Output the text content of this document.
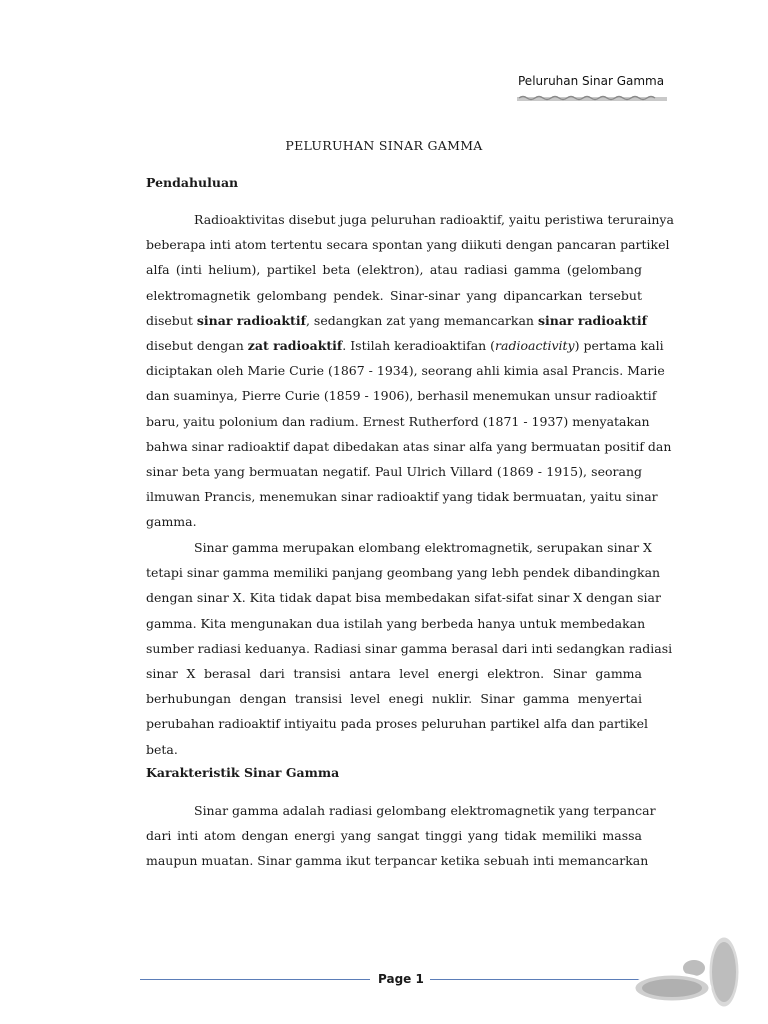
Peluruhan Sinar Gamma
PELURUHAN SINAR GAMMA
Pendahuluan
Radioaktivitas disebut juga peluruhan radioaktif, yaitu peristiwa terurainya
beberapa inti atom tertentu secara spontan yang diikuti dengan pancaran partikel
alfa (inti helium), partikel beta (elektron), atau radiasi gamma (gelombang
elektromagnetik gelombang pendek. Sinar-sinar yang dipancarkan tersebut
disebut sinar radioaktif, sedangkan zat yang memancarkan sinar radioaktif
disebut dengan zat radioaktif. Istilah keradioaktifan (radioactivity) pertama kali
diciptakan oleh Marie Curie (1867 - 1934), seorang ahli kimia asal Prancis. Marie
dan suaminya, Pierre Curie (1859 - 1906), berhasil menemukan unsur radioaktif
baru, yaitu polonium dan radium. Ernest Rutherford (1871 - 1937) menyatakan
bahwa sinar radioaktif dapat dibedakan atas sinar alfa yang bermuatan positif dan
sinar beta yang bermuatan negatif. Paul Ulrich Villard (1869 - 1915), seorang
ilmuwan Prancis, menemukan sinar radioaktif yang tidak bermuatan, yaitu sinar
gamma.
Sinar gamma merupakan elombang elektromagnetik, serupakan sinar X
tetapi sinar gamma memiliki panjang geombang yang lebh pendek dibandingkan
dengan sinar X. Kita tidak dapat bisa membedakan sifat-sifat sinar X dengan siar
gamma. Kita mengunakan dua istilah yang berbeda hanya untuk membedakan
sumber radiasi keduanya. Radiasi sinar gamma berasal dari inti sedangkan radiasi
sinar X berasal dari transisi antara level energi elektron. Sinar gamma
berhubungan dengan transisi level enegi nuklir. Sinar gamma menyertai
perubahan radioaktif intiyaitu pada proses peluruhan partikel alfa dan partikel
beta.
Karakteristik Sinar Gamma
Sinar gamma adalah radiasi gelombang elektromagnetik yang terpancar
dari inti atom dengan energi yang sangat tinggi yang tidak memiliki massa
maupun muatan. Sinar gamma ikut terpancar ketika sebuah inti memancarkan
Page 1
